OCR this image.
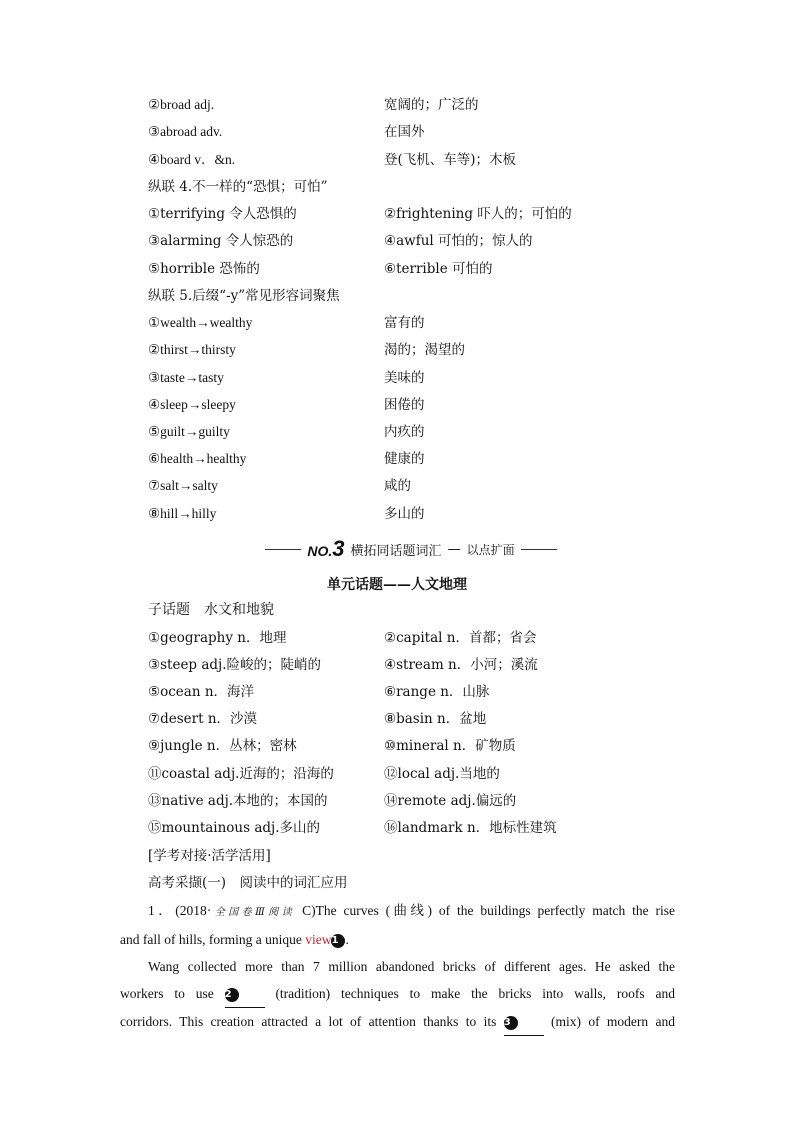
②broad adj.	宽阔的；广泛的
③abroad adv.	在国外
④board v．&n.	登(飞机、车等)；木板
纵联 4.不一样的“恐惧；可怕”
①terrifying 令人恐惧的	②frightening 吓人的；可怕的
③alarming 令人惊恐的	④awful 可怕的；惊人的
⑤horrible 恐怖的	⑥terrible 可怕的
纵联 5.后缀“-y”常见形容词聚焦
①wealth→wealthy	富有的
②thirst→thirsty	渴的；渴望的
③taste→tasty	美味的
④sleep→sleepy	困倦的
⑤guilt→guilty	内疚的
⑥health→healthy	健康的
⑦salt→salty	咸的
⑧hill→hilly	多山的
NO.3 横拓同话题词汇 — 以点扩面
单元话题——人文地理
子话题　水文和地貌
①geography n．地理	②capital n．首都；省会
③steep adj.险峻的；陡峭的	④stream n．小河；溪流
⑤ocean n．海洋	⑥range n．山脉
⑦desert n．沙漠	⑧basin n．盆地
⑨jungle n．丛林；密林	⑩mineral n．矿物质
⑪coastal adj.近海的；沿海的	⑫local adj.当地的
⑬native adj.本地的；本国的	⑭remote adj.偏远的
⑮mountainous adj.多山的	⑯landmark n．地标性建筑
[学考对接·活学活用]
高考采撷(一)　阅读中的词汇应用
1．(2018·全国卷Ⅲ阅读 C)The curves (曲线) of the buildings perfectly match the rise
and fall of hills, forming a unique view1 .
Wang collected more than 7 million abandoned bricks of different ages. He asked the
workers to use 2 (tradition) techniques to make the bricks into walls, roofs and
corridors. This creation attracted a lot of attention thanks to its 3 (mix) of modern and
